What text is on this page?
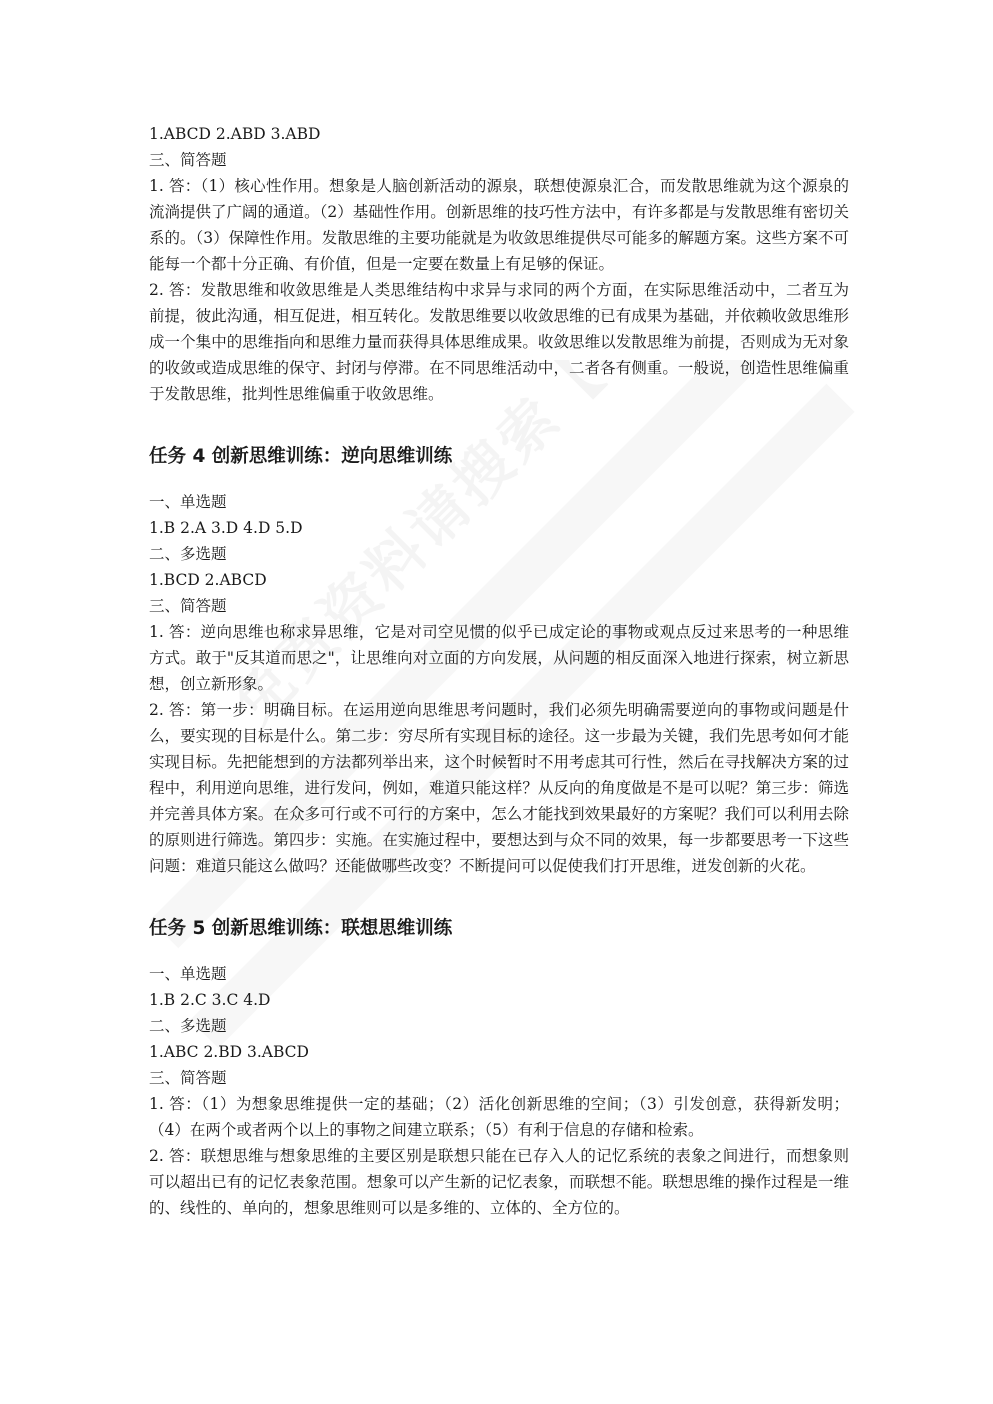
1.ABCD 2.ABD 3.ABD

三、简答题

1. 答：（1）核心性作用。想象是人脑创新活动的源泉，联想使源泉汇合，而发散思维就为这个源泉的流淌提供了广阔的通道。（2）基础性作用。创新思维的技巧性方法中，有许多都是与发散思维有密切关系的。（3）保障性作用。发散思维的主要功能就是为收敛思维提供尽可能多的解题方案。这些方案不可能每一个都十分正确、有价值，但是一定要在数量上有足够的保证。

2. 答：发散思维和收敛思维是人类思维结构中求异与求同的两个方面，在实际思维活动中，二者互为前提，彼此沟通，相互促进，相互转化。发散思维要以收敛思维的已有成果为基础，并依赖收敛思维形成一个集中的思维指向和思维力量而获得具体思维成果。收敛思维以发散思维为前提，否则成为无对象的收敛或造成思维的保守、封闭与停滞。在不同思维活动中，二者各有侧重。一般说，创造性思维偏重于发散思维，批判性思维偏重于收敛思维。

任务 4 创新思维训练：逆向思维训练

一、单选题

1.B 2.A 3.D 4.D 5.D

二、多选题

1.BCD 2.ABCD

三、简答题

1. 答：逆向思维也称求异思维，它是对司空见惯的似乎已成定论的事物或观点反过来思考的一种思维方式。敢于"反其道而思之"，让思维向对立面的方向发展，从问题的相反面深入地进行探索，树立新思想，创立新形象。

2. 答：第一步：明确目标。在运用逆向思维思考问题时，我们必须先明确需要逆向的事物或问题是什么，要实现的目标是什么。第二步：穷尽所有实现目标的途径。这一步最为关键，我们先思考如何才能实现目标。先把能想到的方法都列举出来，这个时候暂时不用考虑其可行性，然后在寻找解决方案的过程中，利用逆向思维，进行发问，例如，难道只能这样？从反向的角度做是不是可以呢？第三步：筛选并完善具体方案。在众多可行或不可行的方案中，怎么才能找到效果最好的方案呢？我们可以利用去除的原则进行筛选。第四步：实施。在实施过程中，要想达到与众不同的效果，每一步都要思考一下这些问题：难道只能这么做吗？还能做哪些改变？不断提问可以促使我们打开思维，迸发创新的火花。

任务 5 创新思维训练：联想思维训练

一、单选题

1.B 2.C 3.C 4.D

二、多选题

1.ABC 2.BD 3.ABCD

三、简答题

1. 答：（1）为想象思维提供一定的基础；（2）活化创新思维的空间；（3）引发创意，获得新发明；（4）在两个或者两个以上的事物之间建立联系；（5）有利于信息的存储和检索。

2. 答：联想思维与想象思维的主要区别是联想只能在已存入人的记忆系统的表象之间进行，而想象则可以超出已有的记忆表象范围。想象可以产生新的记忆表象，而联想不能。联想思维的操作过程是一维的、线性的、单向的，想象思维则可以是多维的、立体的、全方位的。
